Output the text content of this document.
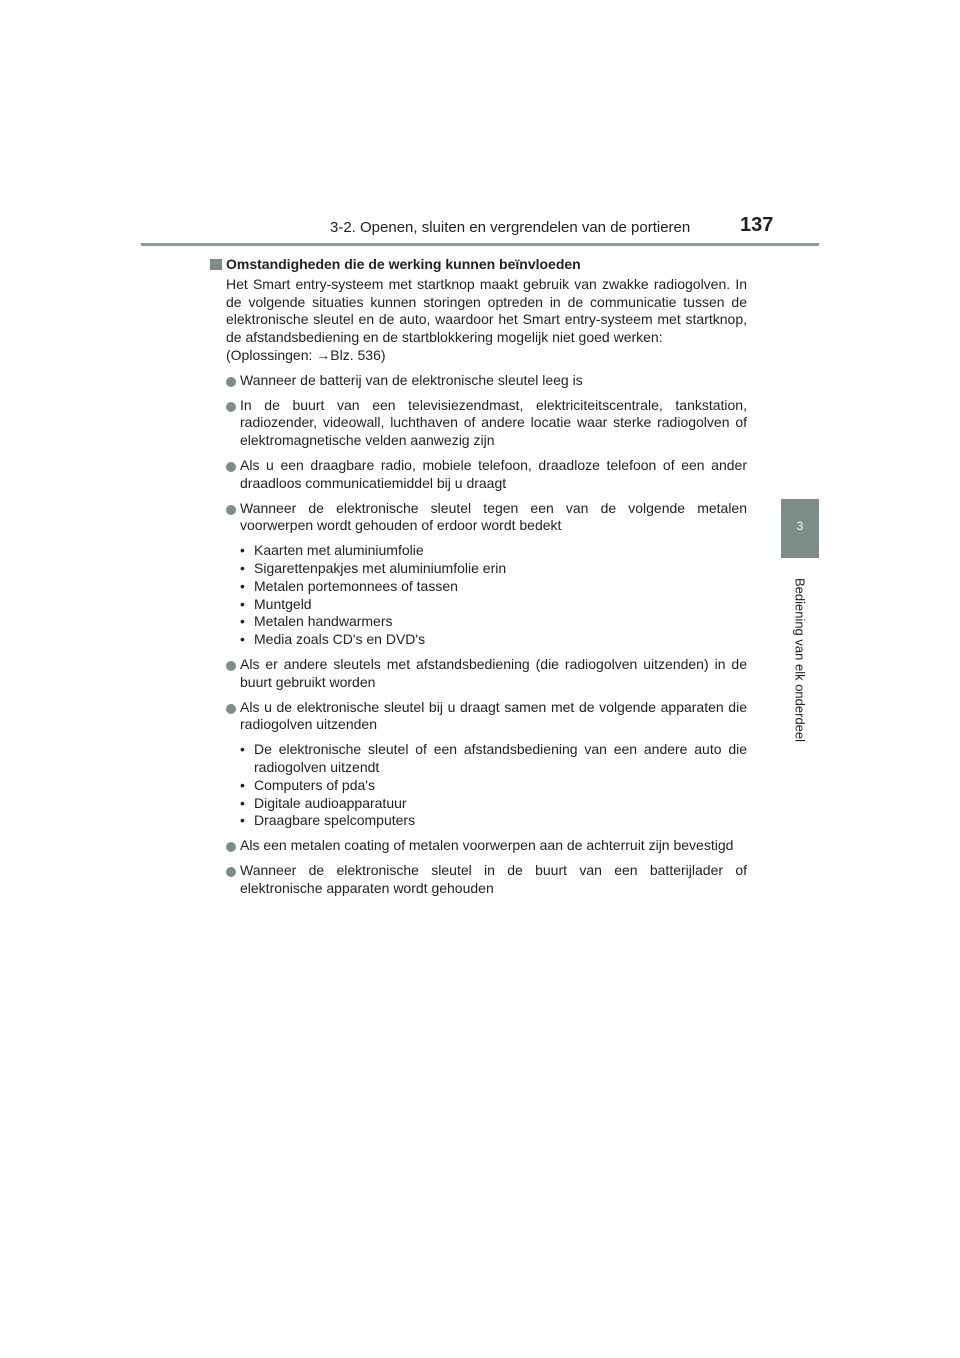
3-2. Openen, sluiten en vergrendelen van de portieren 137
3
Bediening van elk onderdeel
Omstandigheden die de werking kunnen beïnvloeden

Het Smart entry-systeem met startknop maakt gebruik van zwakke radiogolven. In de volgende situaties kunnen storingen optreden in de communicatie tussen de elektronische sleutel en de auto, waardoor het Smart entry-systeem met startknop, de afstandsbediening en de startblokkering mogelijk niet goed werken:

(Oplossingen: →Blz. 536)

Wanneer de batterij van de elektronische sleutel leeg is
In de buurt van een televisiezendmast, elektriciteitscentrale, tankstation, radiozender, videowall, luchthaven of andere locatie waar sterke radiogolven of elektromagnetische velden aanwezig zijn
Als u een draagbare radio, mobiele telefoon, draadloze telefoon of een ander draadloos communicatiemiddel bij u draagt
Wanneer de elektronische sleutel tegen een van de volgende metalen voorwerpen wordt gehouden of erdoor wordt bedekt
• Kaarten met aluminiumfolie
• Sigarettenpakjes met aluminiumfolie erin
• Metalen portemonnees of tassen
• Muntgeld
• Metalen handwarmers
• Media zoals CD's en DVD's
Als er andere sleutels met afstandsbediening (die radiogolven uitzenden) in de buurt gebruikt worden
Als u de elektronische sleutel bij u draagt samen met de volgende apparaten die radiogolven uitzenden
• De elektronische sleutel of een afstandsbediening van een andere auto die radiogolven uitzendt
• Computers of pda's
• Digitale audioapparatuur
• Draagbare spelcomputers
Als een metalen coating of metalen voorwerpen aan de achterruit zijn bevestigd
Wanneer de elektronische sleutel in de buurt van een batterijlader of elektronische apparaten wordt gehouden
